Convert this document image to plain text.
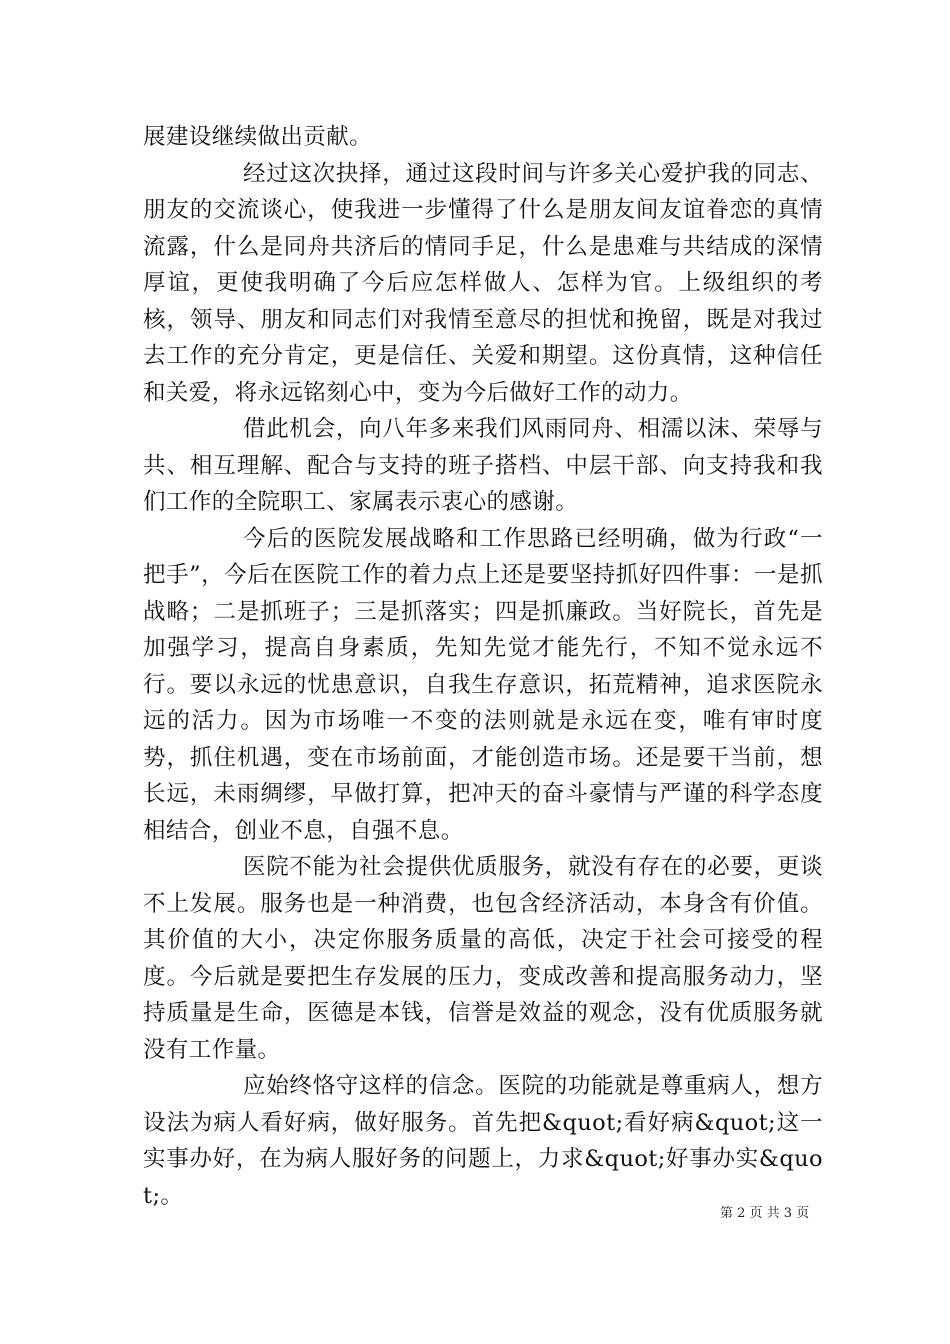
展建设继续做出贡献。

经过这次抉择，通过这段时间与许多关心爱护我的同志、朋友的交流谈心，使我进一步懂得了什么是朋友间友谊眷恋的真情流露，什么是同舟共济后的情同手足，什么是患难与共结成的深情厚谊，更使我明确了今后应怎样做人、怎样为官。上级组织的考核，领导、朋友和同志们对我情至意尽的担忧和挽留，既是对我过去工作的充分肯定，更是信任、关爱和期望。这份真情，这种信任和关爱，将永远铭刻心中，变为今后做好工作的动力。

借此机会，向八年多来我们风雨同舟、相濡以沫、荣辱与共、相互理解、配合与支持的班子搭档、中层干部、向支持我和我们工作的全院职工、家属表示衷心的感谢。

今后的医院发展战略和工作思路已经明确，做为行政“一把手”，今后在医院工作的着力点上还是要坚持抓好四件事：一是抓战略；二是抓班子；三是抓落实；四是抓廉政。当好院长，首先是加强学习，提高自身素质，先知先觉才能先行，不知不觉永远不行。要以永远的忧患意识，自我生存意识，拓荒精神，追求医院永远的活力。因为市场唯一不变的法则就是永远在变，唯有审时度势，抓住机遇，变在市场前面，才能创造市场。还是要干当前，想长远，未雨绸缪，早做打算，把冲天的奋斗豪情与严谨的科学态度相结合，创业不息，自强不息。

医院不能为社会提供优质服务，就没有存在的必要，更谈不上发展。服务也是一种消费，也包含经济活动，本身含有价值。其价值的大小，决定你服务质量的高低，决定于社会可接受的程度。今后就是要把生存发展的压力，变成改善和提高服务动力，坚持质量是生命，医德是本钱，信誉是效益的观念，没有优质服务就没有工作量。

应始终恪守这样的信念。医院的功能就是尊重病人，想方设法为病人看好病，做好服务。首先把&quot;看好病&quot;这一实事办好，在为病人服好务的问题上，力求&quot;好事办实&quot;。

第 2 页 共 3 页
